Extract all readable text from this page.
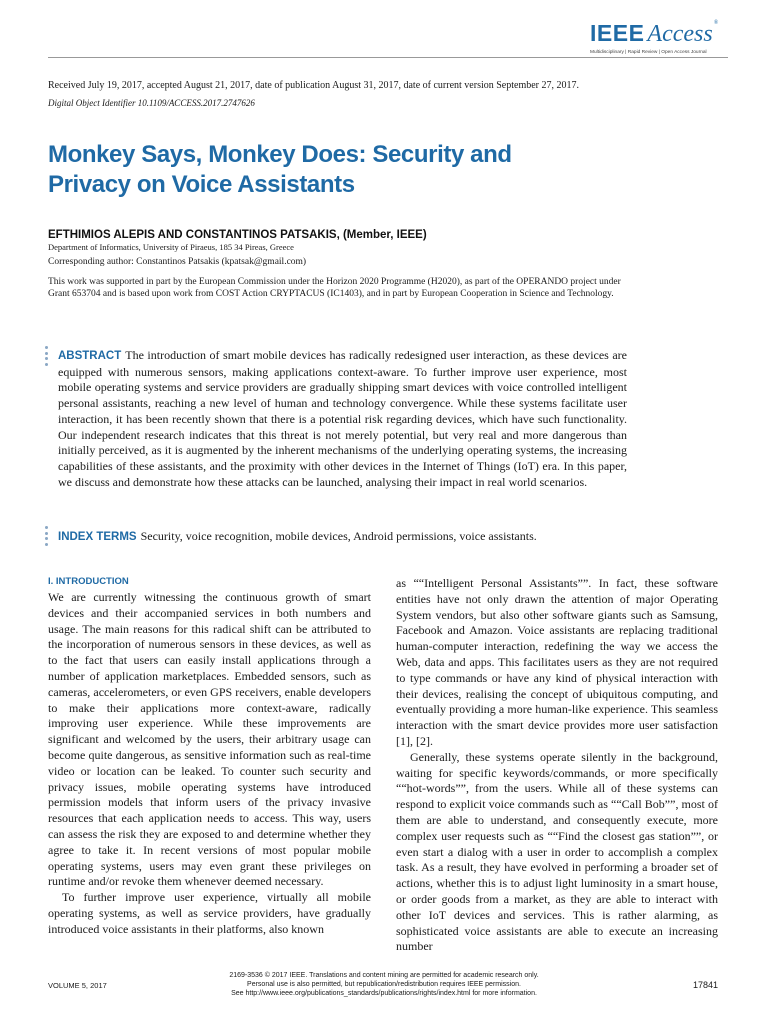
IEEE Access ®
Multidisciplinary | Rapid Review | Open Access Journal
Received July 19, 2017, accepted August 21, 2017, date of publication August 31, 2017, date of current version September 27, 2017.
Digital Object Identifier 10.1109/ACCESS.2017.2747626
Monkey Says, Monkey Does: Security and
Privacy on Voice Assistants
EFTHIMIOS ALEPIS AND CONSTANTINOS PATSAKIS, (Member, IEEE)
Department of Informatics, University of Piraeus, 185 34 Pireas, Greece
Corresponding author: Constantinos Patsakis (kpatsak@gmail.com)
This work was supported in part by the European Commission under the Horizon 2020 Programme (H2020), as part of the OPERANDO project under Grant 653704 and is based upon work from COST Action CRYPTACUS (IC1403), and in part by European Cooperation in Science and Technology.

ABSTRACT The introduction of smart mobile devices has radically redesigned user interaction, as these devices are equipped with numerous sensors, making applications context-aware. To further improve user experience, most mobile operating systems and service providers are gradually shipping smart devices with voice controlled intelligent personal assistants, reaching a new level of human and technology convergence. While these systems facilitate user interaction, it has been recently shown that there is a potential risk regarding devices, which have such functionality. Our independent research indicates that this threat is not merely potential, but very real and more dangerous than initially perceived, as it is augmented by the inherent mechanisms of the underlying operating systems, the increasing capabilities of these assistants, and the proximity with other devices in the Internet of Things (IoT) era. In this paper, we discuss and demonstrate how these attacks can be launched, analysing their impact in real world scenarios.

INDEX TERMS Security, voice recognition, mobile devices, Android permissions, voice assistants.

I. INTRODUCTION

We are currently witnessing the continuous growth of smart devices and their accompanied services in both numbers and usage. The main reasons for this radical shift can be attributed to the incorporation of numerous sensors in these devices, as well as to the fact that users can easily install applications through a number of application marketplaces. Embedded sensors, such as cameras, accelerometers, or even GPS receivers, enable developers to make their applications more context-aware, radically improving user experience. While these improvements are significant and welcomed by the users, their arbitrary usage can become quite dangerous, as sensitive information such as real-time video or location can be leaked. To counter such security and privacy issues, mobile operating systems have introduced permission models that inform users of the privacy invasive resources that each application needs to access. This way, users can assess the risk they are exposed to and determine whether they agree to take it. In recent versions of most popular mobile operating systems, users may even grant these privileges on runtime and/or revoke them whenever deemed necessary.

To further improve user experience, virtually all mobile operating systems, as well as service providers, have gradually introduced voice assistants in their platforms, also known

as ““Intelligent Personal Assistants””. In fact, these software entities have not only drawn the attention of major Operating System vendors, but also other software giants such as Samsung, Facebook and Amazon. Voice assistants are replacing traditional human-computer interaction, redefining the way we access the Web, data and apps. This facilitates users as they are not required to type commands or have any kind of physical interaction with their devices, realising the concept of ubiquitous computing, and eventually providing a more human-like experience. This seamless interaction with the smart device provides more user satisfaction [1], [2].

Generally, these systems operate silently in the background, waiting for specific keywords/commands, or more specifically ““hot-words””, from the users. While all of these systems can respond to explicit voice commands such as ““Call Bob””, most of them are able to understand, and consequently execute, more complex user requests such as ““Find the closest gas station””, or even start a dialog with a user in order to accomplish a complex task. As a result, they have evolved in performing a broader set of actions, whether this is to adjust light luminosity in a smart house, or order goods from a market, as they are able to interact with other IoT devices and services. This is rather alarming, as sophisticated voice assistants are able to execute an increasing number

VOLUME 5, 2017
2169-3536 © 2017 IEEE. Translations and content mining are permitted for academic research only.
Personal use is also permitted, but republication/redistribution requires IEEE permission.
See http://www.ieee.org/publications_standards/publications/rights/index.html for more information.
17841
